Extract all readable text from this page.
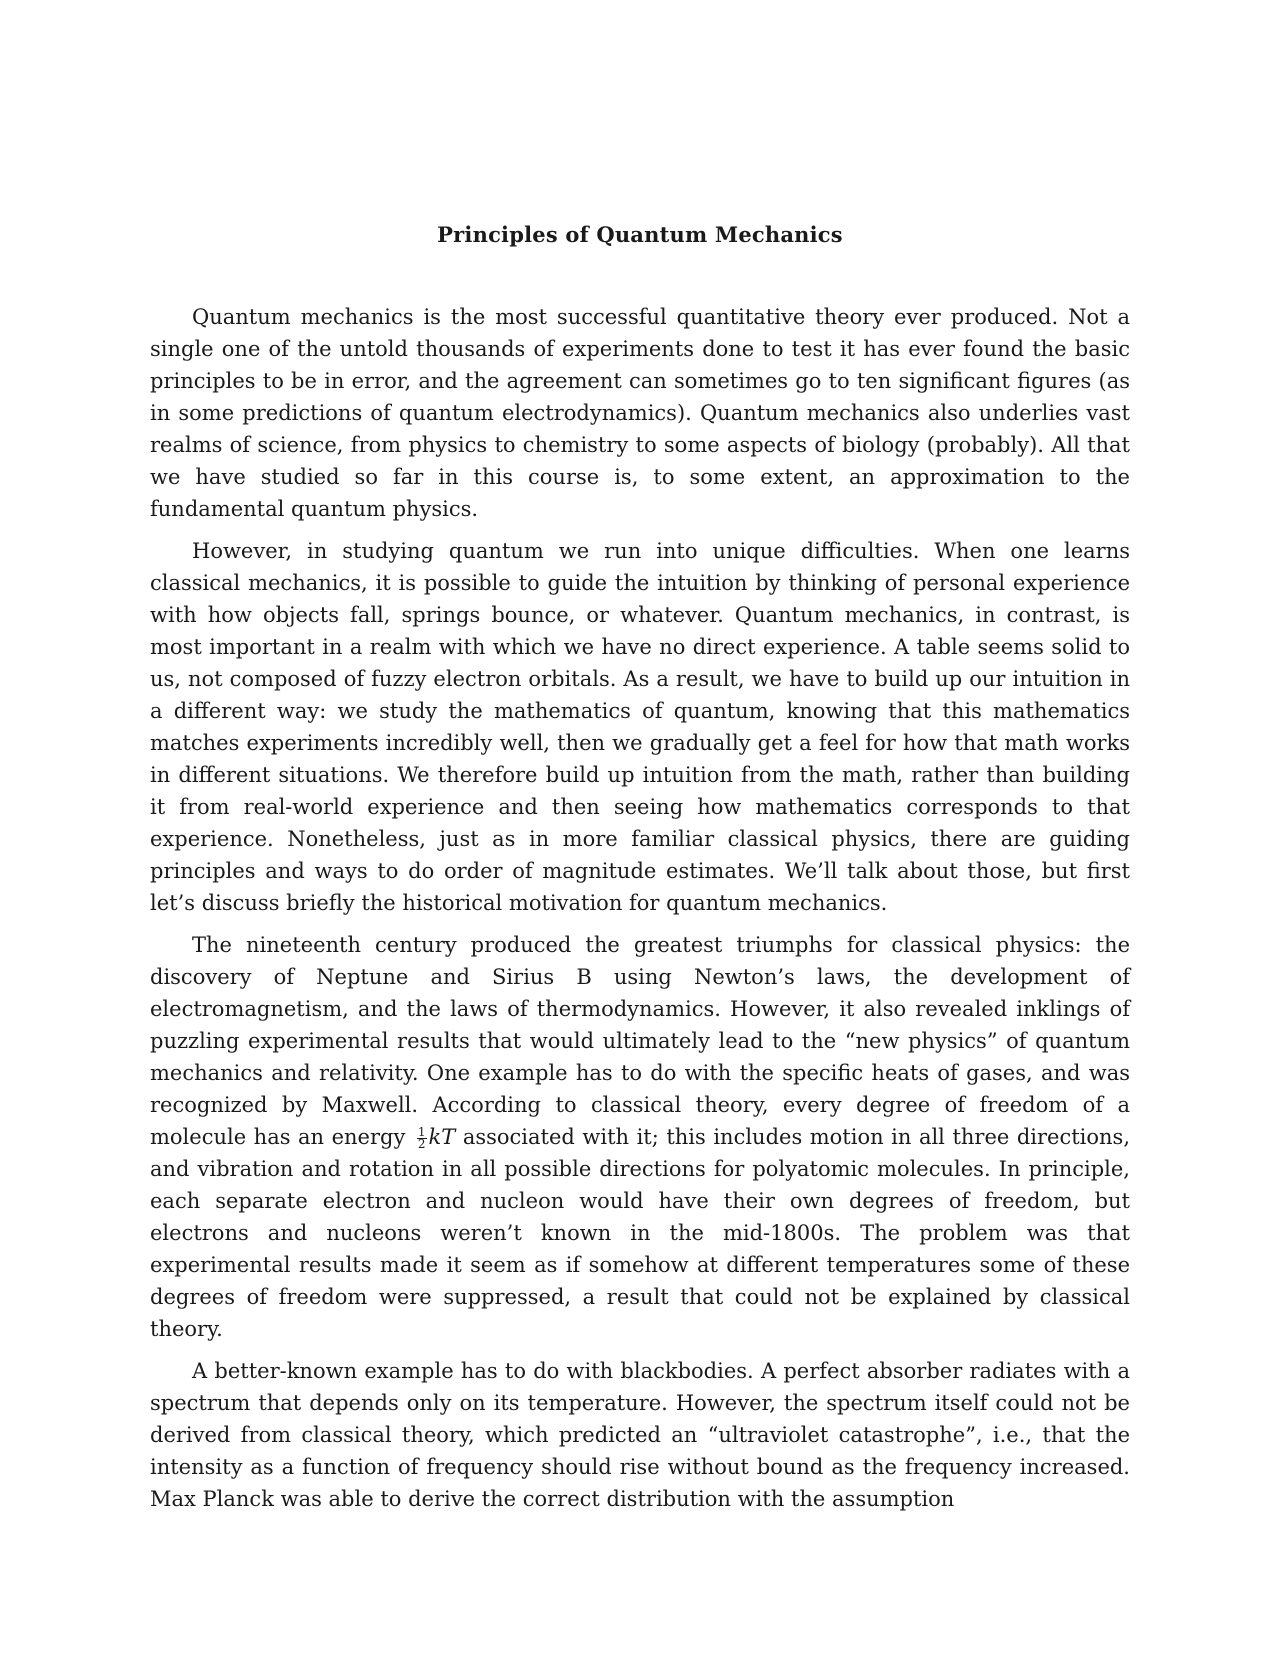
Principles of Quantum Mechanics

Quantum mechanics is the most successful quantitative theory ever produced. Not a single one of the untold thousands of experiments done to test it has ever found the basic principles to be in error, and the agreement can sometimes go to ten significant figures (as in some predictions of quantum electrodynamics). Quantum mechanics also underlies vast realms of science, from physics to chemistry to some aspects of biology (probably). All that we have studied so far in this course is, to some extent, an approximation to the fundamental quantum physics.

However, in studying quantum we run into unique difficulties. When one learns classical mechanics, it is possible to guide the intuition by thinking of personal experience with how objects fall, springs bounce, or whatever. Quantum mechanics, in contrast, is most important in a realm with which we have no direct experience. A table seems solid to us, not composed of fuzzy electron orbitals. As a result, we have to build up our intuition in a different way: we study the mathematics of quantum, knowing that this mathematics matches experiments incredibly well, then we gradually get a feel for how that math works in different situations. We therefore build up intuition from the math, rather than building it from real-world experience and then seeing how mathematics corresponds to that experience. Nonetheless, just as in more familiar classical physics, there are guiding principles and ways to do order of magnitude estimates. We’ll talk about those, but first let’s discuss briefly the historical motivation for quantum mechanics.

The nineteenth century produced the greatest triumphs for classical physics: the discovery of Neptune and Sirius B using Newton’s laws, the development of electromagnetism, and the laws of thermodynamics. However, it also revealed inklings of puzzling experimental results that would ultimately lead to the “new physics” of quantum mechanics and relativity. One example has to do with the specific heats of gases, and was recognized by Maxwell. According to classical theory, every degree of freedom of a molecule has an energy $\frac{1}{2}$ kT associated with it; this includes motion in all three directions, and vibration and rotation in all possible directions for polyatomic molecules. In principle, each separate electron and nucleon would have their own degrees of freedom, but electrons and nucleons weren’t known in the mid-1800s. The problem was that experimental results made it seem as if somehow at different temperatures some of these degrees of freedom were suppressed, a result that could not be explained by classical theory.

A better-known example has to do with blackbodies. A perfect absorber radiates with a spectrum that depends only on its temperature. However, the spectrum itself could not be derived from classical theory, which predicted an “ultraviolet catastrophe”, i.e., that the intensity as a function of frequency should rise without bound as the frequency increased. Max Planck was able to derive the correct distribution with the assumption
